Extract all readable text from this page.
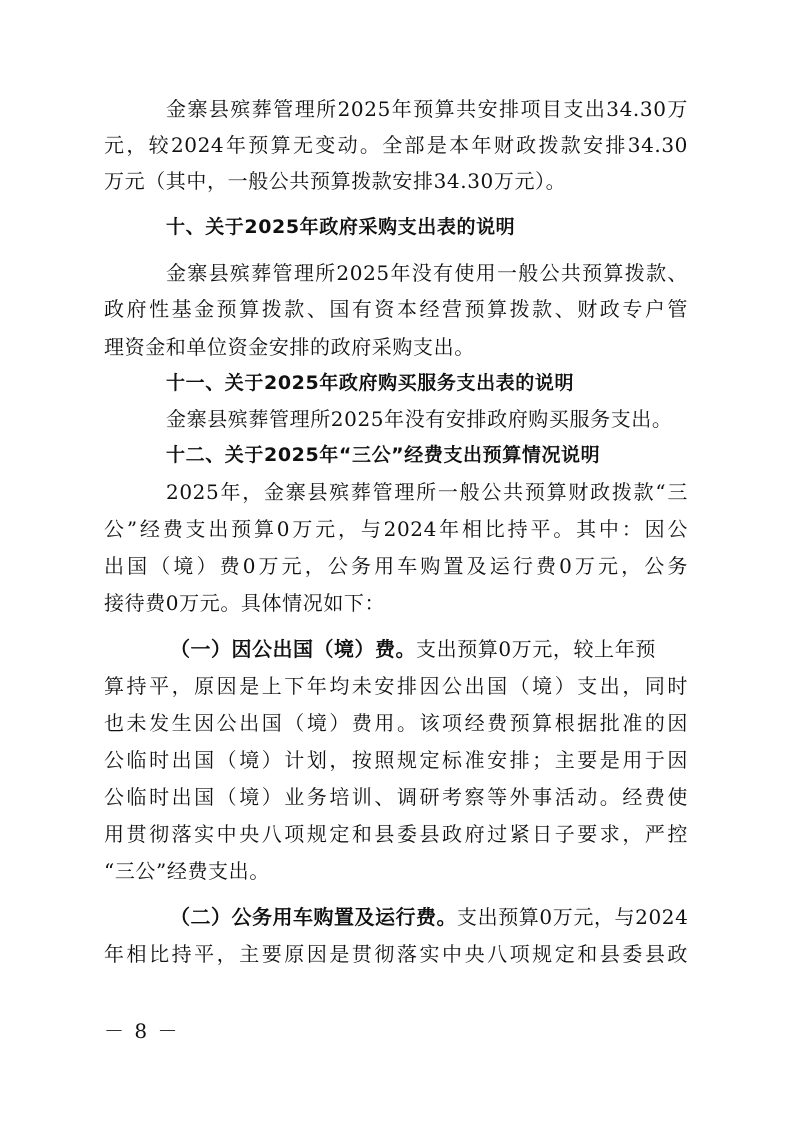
金寨县殡葬管理所2025年预算共安排项目支出34.30万
元，较2024年预算无变动。全部是本年财政拨款安排34.30
万元（其中，一般公共预算拨款安排34.30万元）。
十、关于2025年政府采购支出表的说明
金寨县殡葬管理所2025年没有使用一般公共预算拨款、
政府性基金预算拨款、国有资本经营预算拨款、财政专户管
理资金和单位资金安排的政府采购支出。
十一、关于2025年政府购买服务支出表的说明
金寨县殡葬管理所2025年没有安排政府购买服务支出。
十二、关于2025年“三公”经费支出预算情况说明
2025年，金寨县殡葬管理所一般公共预算财政拨款“三
公”经费支出预算0万元，与2024年相比持平。其中：因公
出国（境）费0万元，公务用车购置及运行费0万元，公务
接待费0万元。具体情况如下：
（一）因公出国（境）费。支出预算0万元，较上年预
算持平，原因是上下年均未安排因公出国（境）支出，同时
也未发生因公出国（境）费用。该项经费预算根据批准的因
公临时出国（境）计划，按照规定标准安排；主要是用于因
公临时出国（境）业务培训、调研考察等外事活动。经费使
用贯彻落实中央八项规定和县委县政府过紧日子要求，严控
“三公”经费支出。
（二）公务用车购置及运行费。支出预算0万元，与2024
年相比持平，主要原因是贯彻落实中央八项规定和县委县政
－ 8 －
